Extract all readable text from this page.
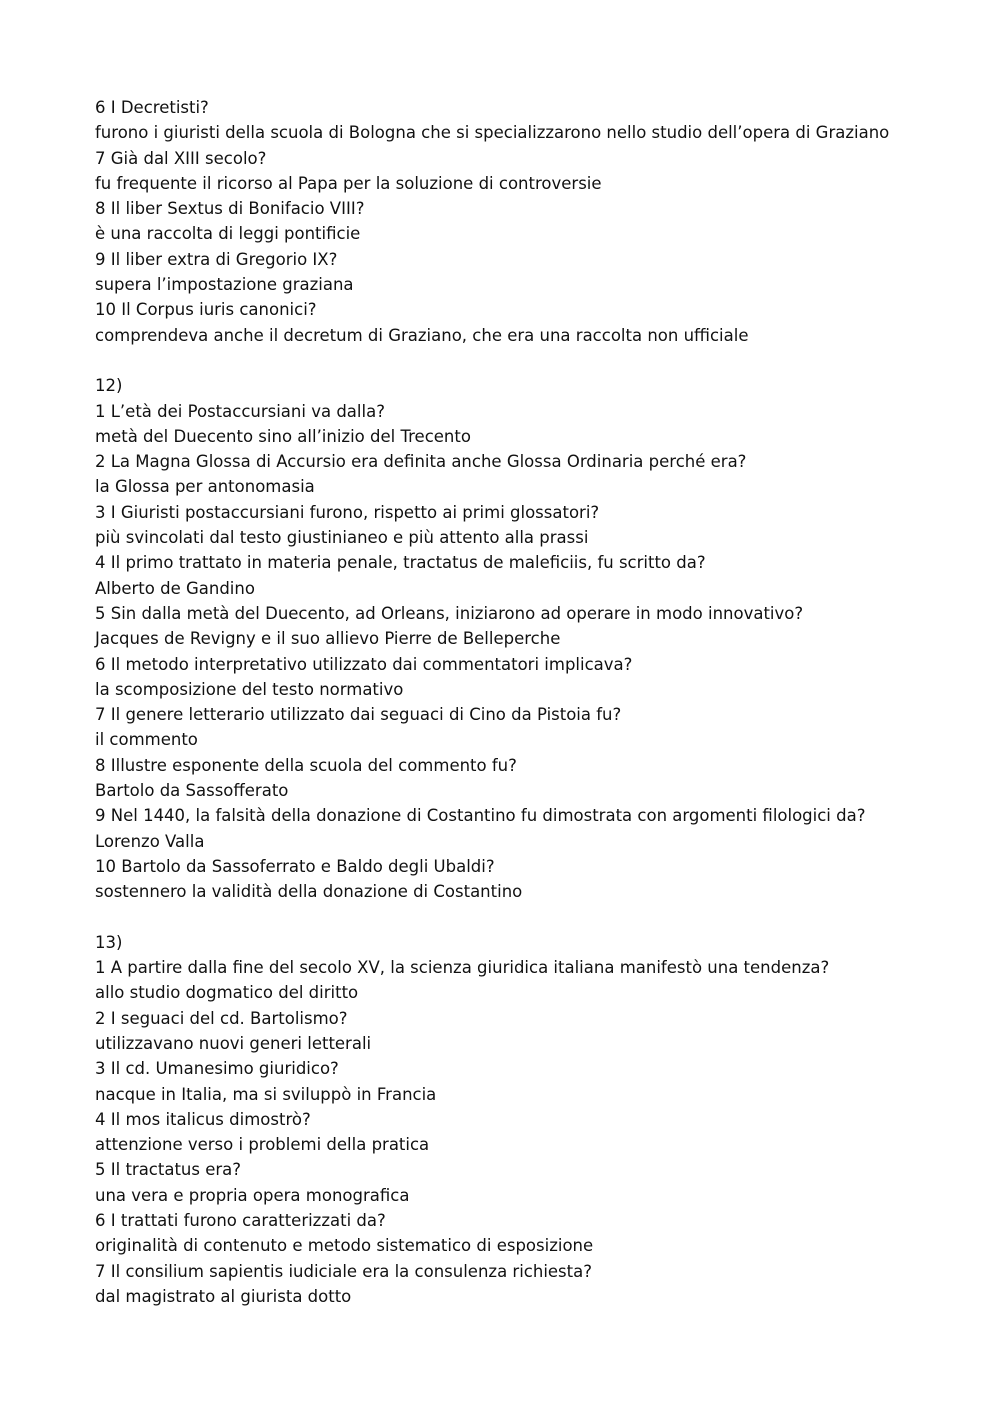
6 I Decretisti?
furono i giuristi della scuola di Bologna che si specializzarono nello studio dell’opera di Graziano
7 Già dal XIII secolo?
fu frequente il ricorso al Papa per la soluzione di controversie
8 Il liber Sextus di Bonifacio VIII?
è una raccolta di leggi pontificie
9 Il liber extra di Gregorio IX?
supera l’impostazione graziana
10 Il Corpus iuris canonici?
comprendeva anche il decretum di Graziano, che era una raccolta non ufficiale
12)
1 L’età dei Postaccursiani va dalla?
metà del Duecento sino all’inizio del Trecento
2 La Magna Glossa di Accursio era definita anche Glossa Ordinaria perché era?
la Glossa per antonomasia
3 I Giuristi postaccursiani furono, rispetto ai primi glossatori?
più svincolati dal testo giustinianeo e più attento alla prassi
4 Il primo trattato in materia penale, tractatus de maleficiis, fu scritto da?
Alberto de Gandino
5 Sin dalla metà del Duecento, ad Orleans, iniziarono ad operare in modo innovativo?
Jacques de Revigny e il suo allievo Pierre de Belleperche
6 Il metodo interpretativo utilizzato dai commentatori implicava?
la scomposizione del testo normativo
7 Il genere letterario utilizzato dai seguaci di Cino da Pistoia fu?
il commento
8 Illustre esponente della scuola del commento fu?
Bartolo da Sassofferato
9 Nel 1440, la falsità della donazione di Costantino fu dimostrata con argomenti filologici da?
Lorenzo Valla
10 Bartolo da Sassoferrato e Baldo degli Ubaldi?
sostennero la validità della donazione di Costantino
13)
1 A partire dalla fine del secolo XV, la scienza giuridica italiana manifestò una tendenza?
allo studio dogmatico del diritto
2 I seguaci del cd. Bartolismo?
utilizzavano nuovi generi letterali
3 Il cd. Umanesimo giuridico?
nacque in Italia, ma si sviluppò in Francia
4 Il mos italicus dimostrò?
attenzione verso i problemi della pratica
5 Il tractatus era?
una vera e propria opera monografica
6 I trattati furono caratterizzati da?
originalità di contenuto e metodo sistematico di esposizione
7 Il consilium sapientis iudiciale era la consulenza richiesta?
dal magistrato al giurista dotto
